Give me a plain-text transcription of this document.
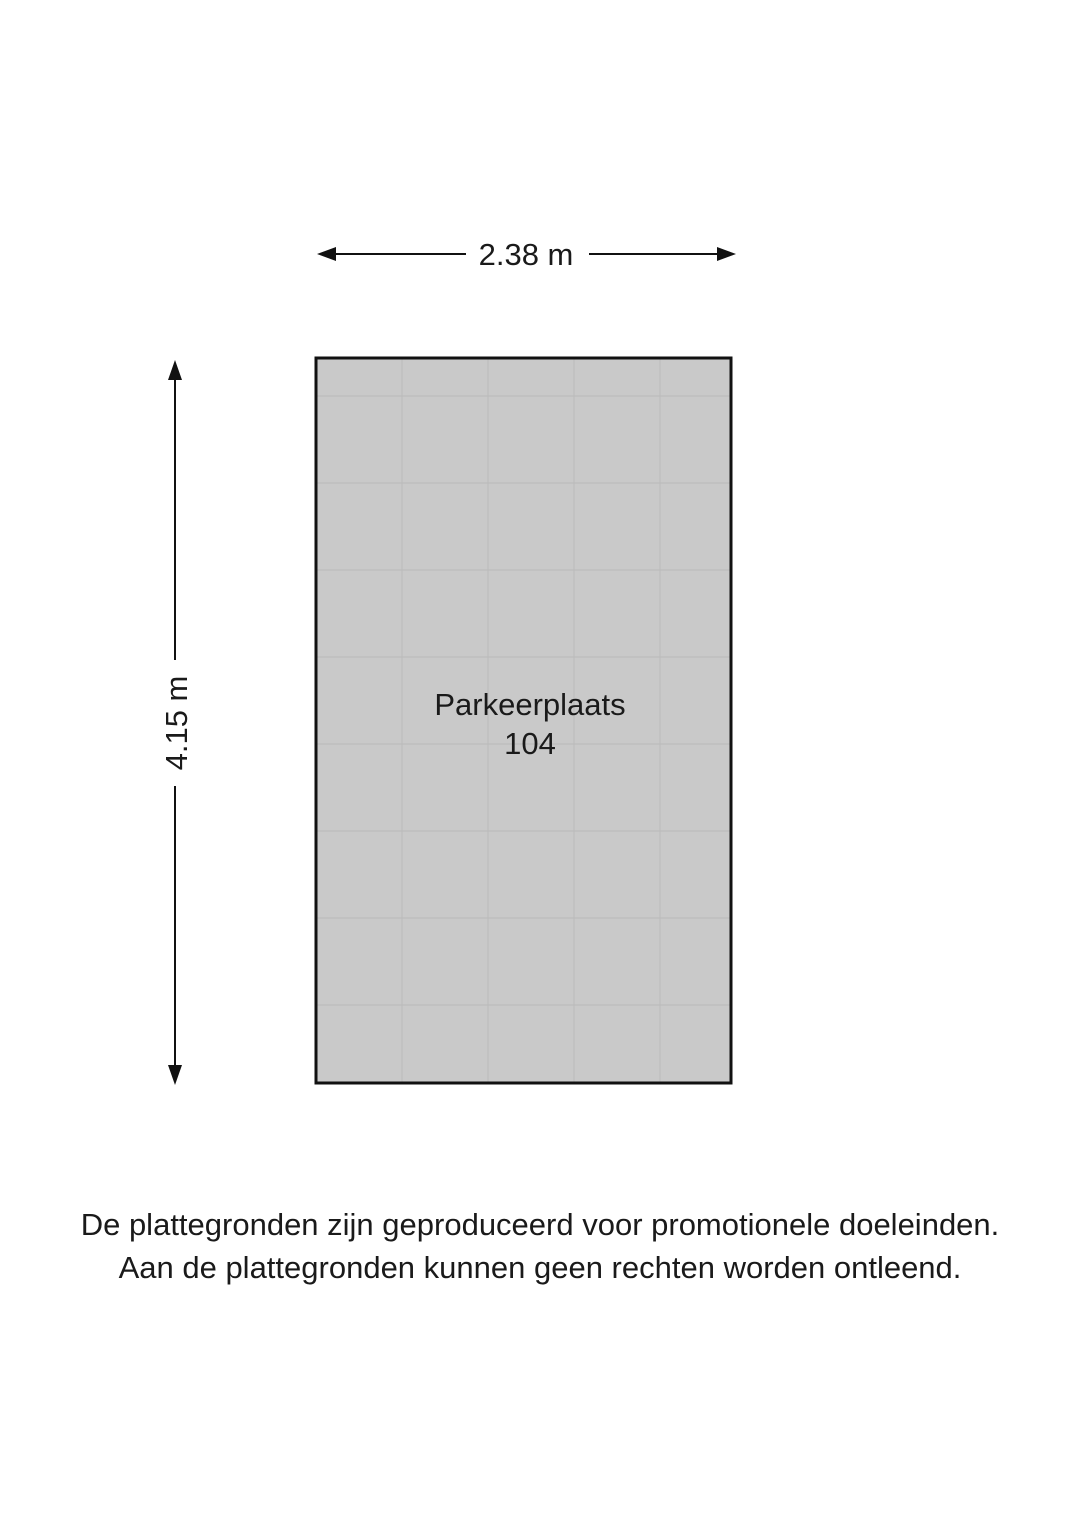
Parkeerplaats
104
2.38 m
4.15 m
De plattegronden zijn geproduceerd voor promotionele doeleinden.
Aan de plattegronden kunnen geen rechten worden ontleend.
